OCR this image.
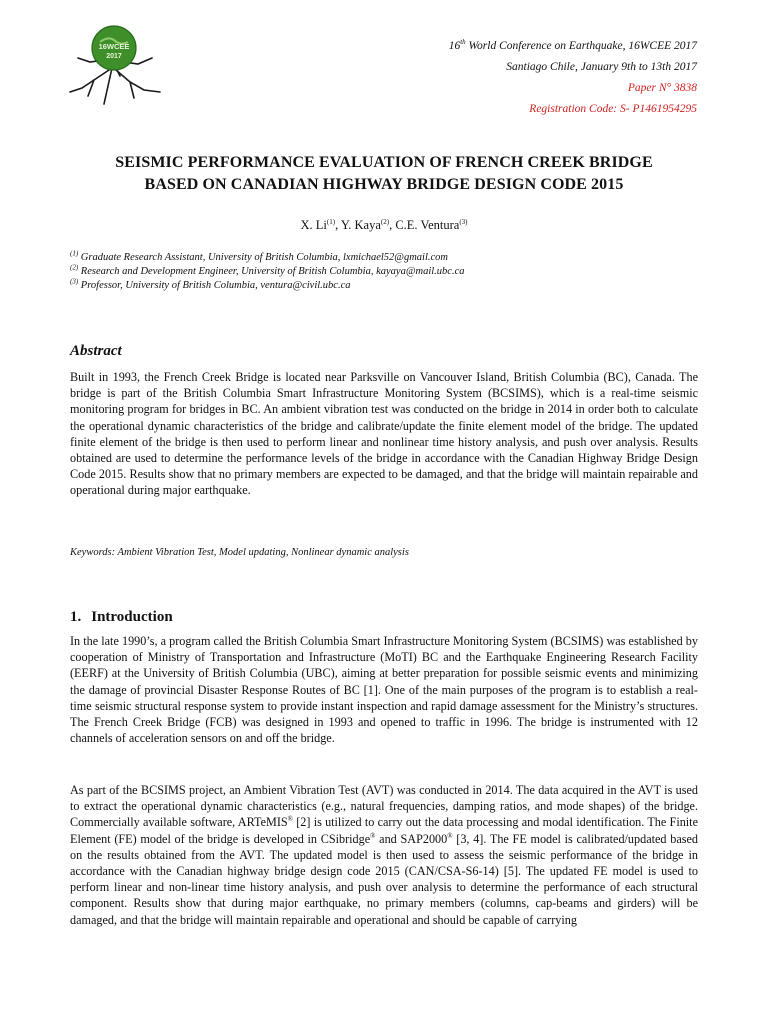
16WCEE
2017
16th World Conference on Earthquake, 16WCEE 2017
Santiago Chile, January 9th to 13th 2017
Paper N° 3838
Registration Code: S- P1461954295
SEISMIC PERFORMANCE EVALUATION OF FRENCH CREEK BRIDGE
BASED ON CANADIAN HIGHWAY BRIDGE DESIGN CODE 2015
X. Li$^{(1)}$, Y. Kaya$^{(2)}$, C.E. Ventura$^{(3)}$
$^{(1)}$ Graduate Research Assistant, University of British Columbia, lxmichael52@gmail.com
$^{(2)}$ Research and Development Engineer, University of British Columbia, kayaya@mail.ubc.ca
$^{(3)}$ Professor, University of British Columbia, ventura@civil.ubc.ca
Abstract

Built in 1993, the French Creek Bridge is located near Parksville on Vancouver Island, British Columbia (BC), Canada. The bridge is part of the British Columbia Smart Infrastructure Monitoring System (BCSIMS), which is a real-time seismic monitoring program for bridges in BC. An ambient vibration test was conducted on the bridge in 2014 in order both to calculate the operational dynamic characteristics of the bridge and calibrate/update the finite element model of the bridge. The updated finite element of the bridge is then used to perform linear and nonlinear time history analysis, and push over analysis. Results obtained are used to determine the performance levels of the bridge in accordance with the Canadian Highway Bridge Design Code 2015. Results show that no primary members are expected to be damaged, and that the bridge will maintain repairable and operational during major earthquake.

Keywords: Ambient Vibration Test, Model updating, Nonlinear dynamic analysis
1. Introduction

In the late 1990’s, a program called the British Columbia Smart Infrastructure Monitoring System (BCSIMS) was established by cooperation of Ministry of Transportation and Infrastructure (MoTI) BC and the Earthquake Engineering Research Facility (EERF) at the University of British Columbia (UBC), aiming at better preparation for possible seismic events and minimizing the damage of provincial Disaster Response Routes of BC [1]. One of the main purposes of the program is to establish a real-time seismic structural response system to provide instant inspection and rapid damage assessment for the Ministry’s structures. The French Creek Bridge (FCB) was designed in 1993 and opened to traffic in 1996. The bridge is instrumented with 12 channels of acceleration sensors on and off the bridge.

As part of the BCSIMS project, an Ambient Vibration Test (AVT) was conducted in 2014. The data acquired in the AVT is used to extract the operational dynamic characteristics (e.g., natural frequencies, damping ratios, and mode shapes) of the bridge. Commercially available software, ARTeMIS® [2] is utilized to carry out the data processing and modal identification. The Finite Element (FE) model of the bridge is developed in CSibridge® and SAP2000® [3, 4]. The FE model is calibrated/updated based on the results obtained from the AVT. The updated model is then used to assess the seismic performance of the bridge in accordance with the Canadian highway bridge design code 2015 (CAN/CSA-S6-14) [5]. The updated FE model is used to perform linear and non-linear time history analysis, and push over analysis to determine the performance of each structural component. Results show that during major earthquake, no primary members (columns, cap-beams and girders) will be damaged, and that the bridge will maintain repairable and operational and should be capable of carrying
